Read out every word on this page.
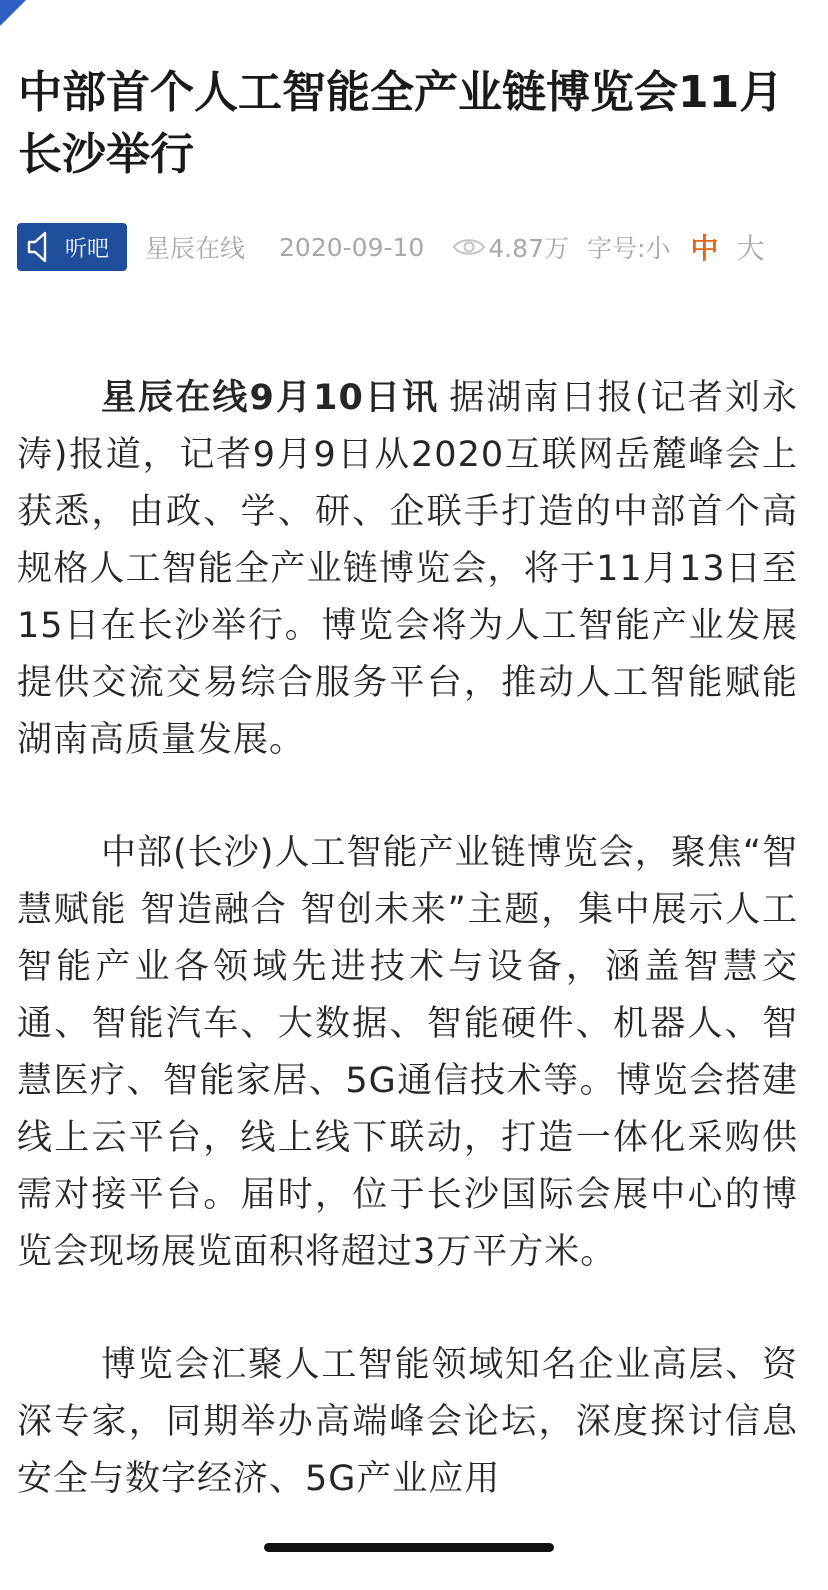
中部首个人工智能全产业链博览会11月长沙举行
听吧 星辰在线 2020-09-10	4.87万 字号: 小 中 大

星辰在线9月10日讯 据湖南日报(记者刘永涛)报道，记者9月9日从2020互联网岳麓峰会上获悉，由政、学、研、企联手打造的中部首个高规格人工智能全产业链博览会，将于11月13日至15日在长沙举行。博览会将为人工智能产业发展提供交流交易综合服务平台，推动人工智能赋能湖南高质量发展。

中部(长沙)人工智能产业链博览会，聚焦“智慧赋能 智造融合 智创未来”主题，集中展示人工智能产业各领域先进技术与设备，涵盖智慧交通、智能汽车、大数据、智能硬件、机器人、智慧医疗、智能家居、5G通信技术等。博览会搭建线上云平台，线上线下联动，打造一体化采购供需对接平台。届时，位于长沙国际会展中心的博览会现场展览面积将超过3万平方米。

博览会汇聚人工智能领域知名企业高层、资深专家，同期举办高端峰会论坛，深度探讨信息安全与数字经济、5G产业应用
